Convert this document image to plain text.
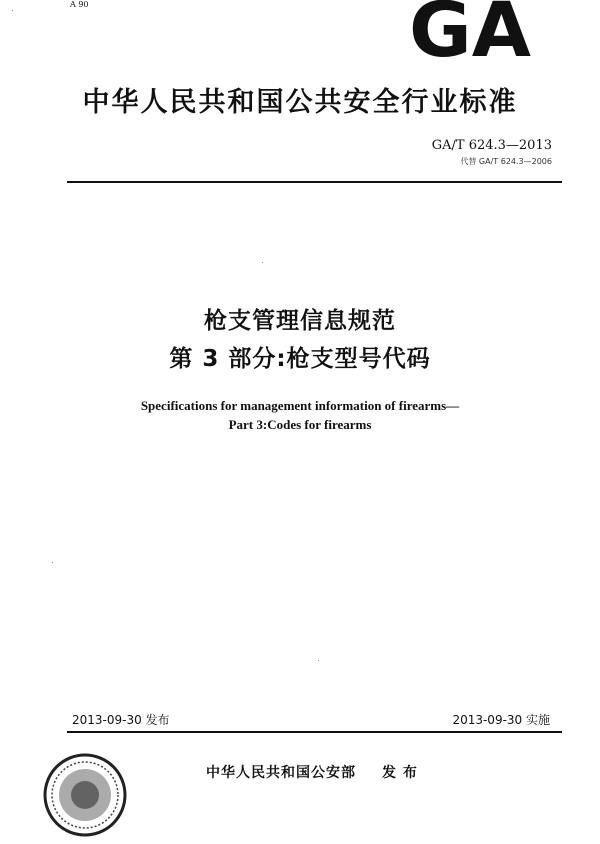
A 90	GA
中华人民共和国公共安全行业标准
GA/T 624.3—2013
代替 GA/T 624.3—2006
枪支管理信息规范
第 3 部分:枪支型号代码
Specifications for management information of firearms—
Part 3:Codes for firearms
2013-09-30 发布	2013-09-30 实施
中华人民共和国公安部 发 布
